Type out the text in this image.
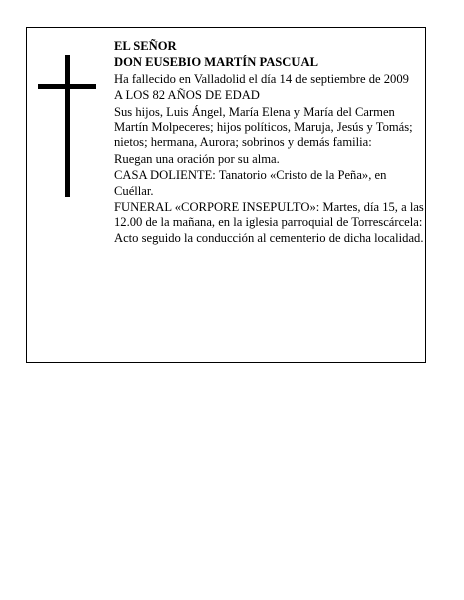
EL SEÑOR

DON EUSEBIO MARTÍN PASCUAL

Ha fallecido en Valladolid el día 14 de septiembre de 2009

A LOS 82 AÑOS DE EDAD

Sus hijos, Luis Ángel, María Elena y María del Carmen Martín Molpeceres; hijos políticos, Maruja, Jesús y Tomás; nietos; hermana, Aurora; sobrinos y demás familia:

Ruegan una oración por su alma.

CASA DOLIENTE: Tanatorio «Cristo de la Peña», en Cuéllar.

FUNERAL «CORPORE INSEPULTO»: Martes, día 15, a las 12.00 de la mañana, en la iglesia parroquial de Torrescárcela: Acto seguido la conducción al cementerio de dicha localidad.
